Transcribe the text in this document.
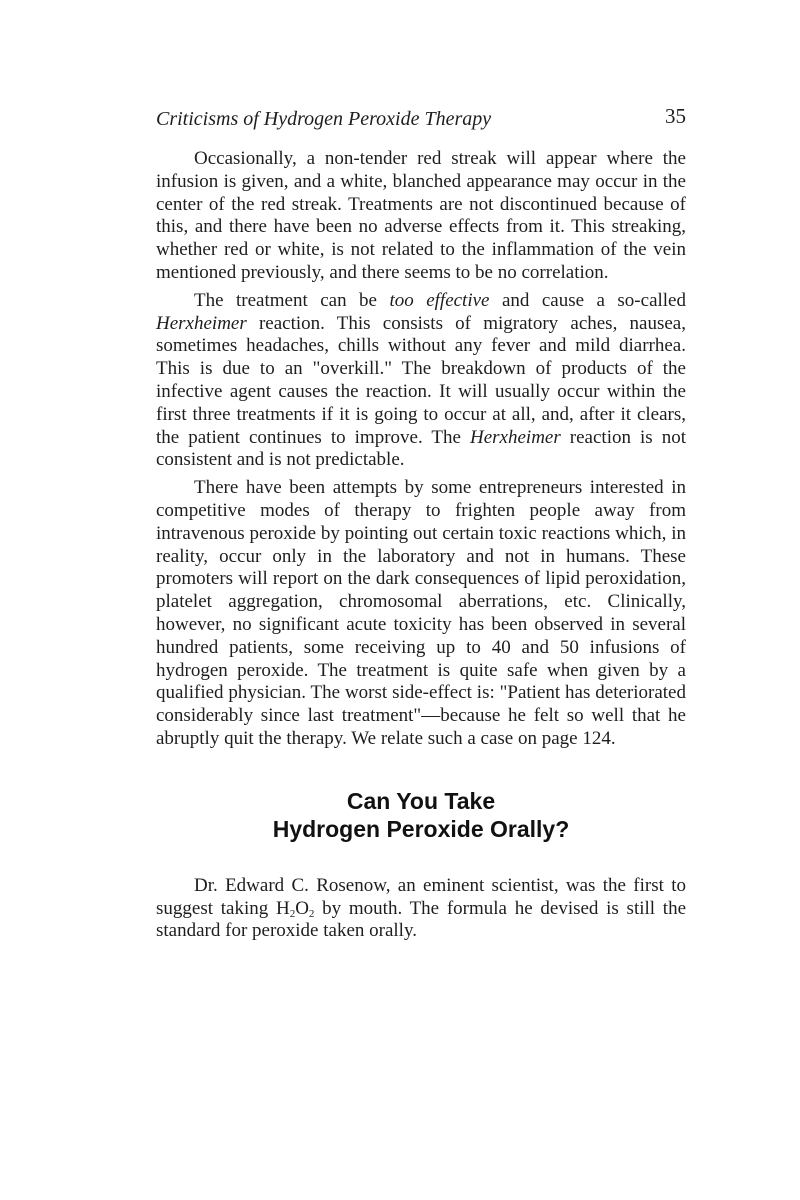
Criticisms of Hydrogen Peroxide Therapy	35

Occasionally, a non-tender red streak will appear where the infusion is given, and a white, blanched appearance may occur in the center of the red streak. Treatments are not discontinued because of this, and there have been no adverse effects from it. This streaking, whether red or white, is not related to the inflammation of the vein mentioned previously, and there seems to be no correlation.

The treatment can be too effective and cause a so-called Herxheimer reaction. This consists of migratory aches, nausea, sometimes headaches, chills without any fever and mild diarrhea. This is due to an "overkill." The breakdown of products of the infective agent causes the reaction. It will usually occur within the first three treatments if it is going to occur at all, and, after it clears, the patient continues to improve. The Herxheimer reaction is not consistent and is not predictable.

There have been attempts by some entrepreneurs interested in competitive modes of therapy to frighten people away from intravenous peroxide by pointing out certain toxic reactions which, in reality, occur only in the laboratory and not in humans. These promoters will report on the dark consequences of lipid peroxidation, platelet aggregation, chromosomal aberrations, etc. Clinically, however, no significant acute toxicity has been observed in several hundred patients, some receiving up to 40 and 50 infusions of hydrogen peroxide. The treatment is quite safe when given by a qualified physician. The worst side-effect is: "Patient has deteriorated considerably since last treatment"—because he felt so well that he abruptly quit the therapy. We relate such a case on page 124.

Can You Take
Hydrogen Peroxide Orally?

Dr. Edward C. Rosenow, an eminent scientist, was the first to suggest taking $H_2O_2$ by mouth. The formula he devised is still the standard for peroxide taken orally.
